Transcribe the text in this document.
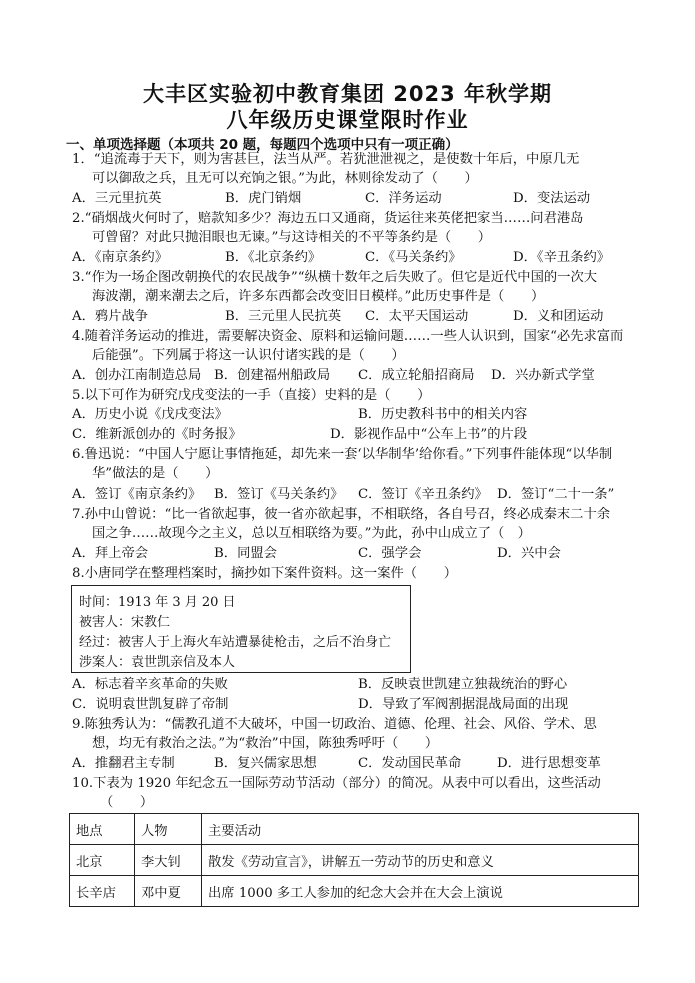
大丰区实验初中教育集团 2023 年秋学期
八年级历史课堂限时作业
一、单项选择题（本项共 20 题，每题四个选项中只有一项正确）
1．“追流毒于天下，则为害甚巨，法当从严。若犹泄泄视之，是使数十年后，中原几无
可以御敌之兵，且无可以充饷之银。”为此，林则徐发动了（　　）
A．三元里抗英	B．虎门销烟	C．洋务运动	D．变法运动
2.“硝烟战火何时了，赔款知多少？海边五口又通商，货运往来英佬把家当……问君港岛
可曾留？对此只抛泪眼也无谏。”与这诗相关的不平等条约是（　　）
A．《南京条约》	B．《北京条约》	C．《马关条约》	D．《辛丑条约》
3.“作为一场企图改朝换代的农民战争”“纵横十数年之后失败了。但它是近代中国的一次大
海波潮，潮来潮去之后，许多东西都会改变旧日模样。”此历史事件是（　　）
A．鸦片战争	B．三元里人民抗英 C．太平天国运动	D．义和团运动
4.随着洋务运动的推进，需要解决资金、原料和运输问题……一些人认识到，国家“必先求富而
后能强”。下列属于将这一认识付诸实践的是（　　）
A．创办江南制造总局 B．创建福州船政局 C．成立轮船招商局 D．兴办新式学堂
5.以下可作为研究戊戌变法的一手（直接）史料的是（　　）
A．历史小说《戊戌变法》	B．历史教科书中的相关内容
C．维新派创办的《时务报》	D．影视作品中“公车上书”的片段
6.鲁迅说：“中国人宁愿让事情拖延，却先来一套‘以华制华’给你看。”下列事件能体现“以华制
华”做法的是（　　）
A．签订《南京条约》 B．签订《马关条约》 C．签订《辛丑条约》 D．签订“二十一条”
7.孙中山曾说：“比一省欲起事，彼一省亦欲起事，不相联络，各自号召，终必成秦末二十余
国之争……故现今之主义，总以互相联络为要。”为此，孙中山成立了（　）
A．拜上帝会	B．同盟会	C．强学会	D．兴中会
8.小唐同学在整理档案时，摘抄如下案件资料。这一案件（　　）
时间：1913 年 3 月 20 日
被害人：宋教仁
经过：被害人于上海火车站遭暴徒枪击，之后不治身亡
涉案人：袁世凯亲信及本人
A．标志着辛亥革命的失败	B．反映袁世凯建立独裁统治的野心
C．说明袁世凯复辟了帝制	D．导致了军阀割据混战局面的出现
9.陈独秀认为：“儒教孔道不大破坏，中国一切政治、道德、伦理、社会、风俗、学术、思
想，均无有救治之法。”为“救治”中国，陈独秀呼吁（　　）
A．推翻君主专制	B．复兴儒家思想	C．发动国民革命	D．进行思想变革
10.下表为 1920 年纪念五一国际劳动节活动（部分）的简况。从表中可以看出，这些活动
（　　）
地点	人物	主要活动
北京	李大钊	散发《劳动宣言》，讲解五一劳动节的历史和意义
长辛店	邓中夏	出席 1000 多工人参加的纪念大会并在大会上演说
